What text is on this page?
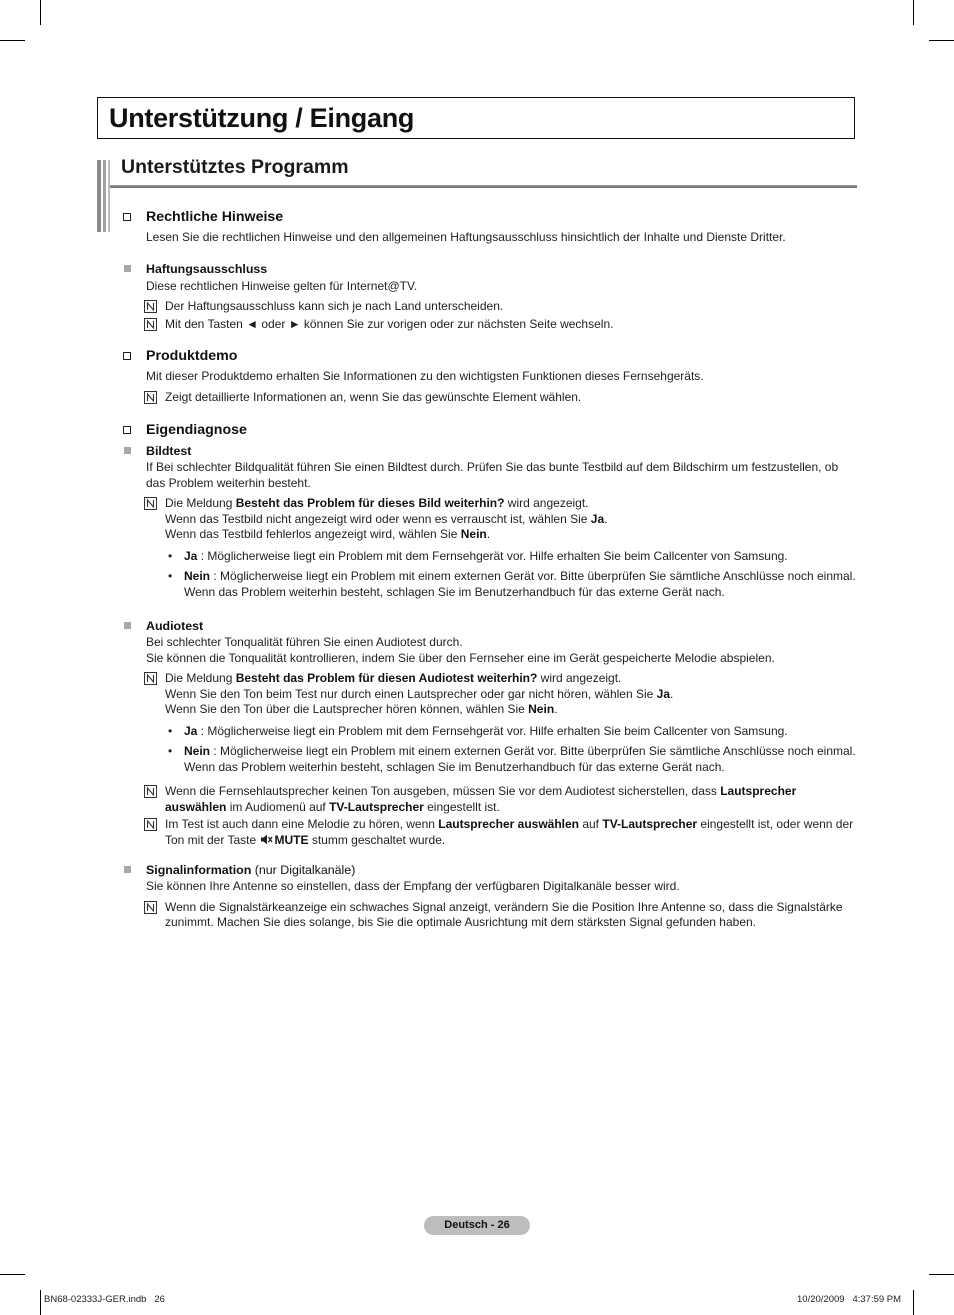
Unterstützung / Eingang
Unterstütztes Programm
Rechtliche Hinweise
Lesen Sie die rechtlichen Hinweise und den allgemeinen Haftungsausschluss hinsichtlich der Inhalte und Dienste Dritter.
Haftungsausschluss
Diese rechtlichen Hinweise gelten für Internet@TV.
Der Haftungsausschluss kann sich je nach Land unterscheiden.
Mit den Tasten ◄ oder ► können Sie zur vorigen oder zur nächsten Seite wechseln.
Produktdemo
Mit dieser Produktdemo erhalten Sie Informationen zu den wichtigsten Funktionen dieses Fernsehgeräts.
Zeigt detaillierte Informationen an, wenn Sie das gewünschte Element wählen.
Eigendiagnose
Bildtest
If Bei schlechter Bildqualität führen Sie einen Bildtest durch. Prüfen Sie das bunte Testbild auf dem Bildschirm um festzustellen, ob das Problem weiterhin besteht.
Die Meldung Besteht das Problem für dieses Bild weiterhin? wird angezeigt.
Wenn das Testbild nicht angezeigt wird oder wenn es verrauscht ist, wählen Sie Ja.
Wenn das Testbild fehlerlos angezeigt wird, wählen Sie Nein.
• Ja : Möglicherweise liegt ein Problem mit dem Fernsehgerät vor. Hilfe erhalten Sie beim Callcenter von Samsung.
• Nein : Möglicherweise liegt ein Problem mit einem externen Gerät vor. Bitte überprüfen Sie sämtliche Anschlüsse noch einmal. Wenn das Problem weiterhin besteht, schlagen Sie im Benutzerhandbuch für das externe Gerät nach.
Audiotest
Bei schlechter Tonqualität führen Sie einen Audiotest durch.
Sie können die Tonqualität kontrollieren, indem Sie über den Fernseher eine im Gerät gespeicherte Melodie abspielen.
Die Meldung Besteht das Problem für diesen Audiotest weiterhin? wird angezeigt.
Wenn Sie den Ton beim Test nur durch einen Lautsprecher oder gar nicht hören, wählen Sie Ja.
Wenn Sie den Ton über die Lautsprecher hören können, wählen Sie Nein.
• Ja : Möglicherweise liegt ein Problem mit dem Fernsehgerät vor. Hilfe erhalten Sie beim Callcenter von Samsung.
• Nein : Möglicherweise liegt ein Problem mit einem externen Gerät vor. Bitte überprüfen Sie sämtliche Anschlüsse noch einmal. Wenn das Problem weiterhin besteht, schlagen Sie im Benutzerhandbuch für das externe Gerät nach.
Wenn die Fernsehlautsprecher keinen Ton ausgeben, müssen Sie vor dem Audiotest sicherstellen, dass Lautsprecher auswählen im Audiomenü auf TV-Lautsprecher eingestellt ist.
Im Test ist auch dann eine Melodie zu hören, wenn Lautsprecher auswählen auf TV-Lautsprecher eingestellt ist, oder wenn der Ton mit der Taste MUTE stumm geschaltet wurde.
Signalinformation (nur Digitalkanäle)
Sie können Ihre Antenne so einstellen, dass der Empfang der verfügbaren Digitalkanäle besser wird.
Wenn die Signalstärkeanzeige ein schwaches Signal anzeigt, verändern Sie die Position Ihre Antenne so, dass die Signalstärke zunimmt. Machen Sie dies solange, bis Sie die optimale Ausrichtung mit dem stärksten Signal gefunden haben.
Deutsch - 26
BN68-02333J-GER.indb   26	10/20/2009   4:37:59 PM
